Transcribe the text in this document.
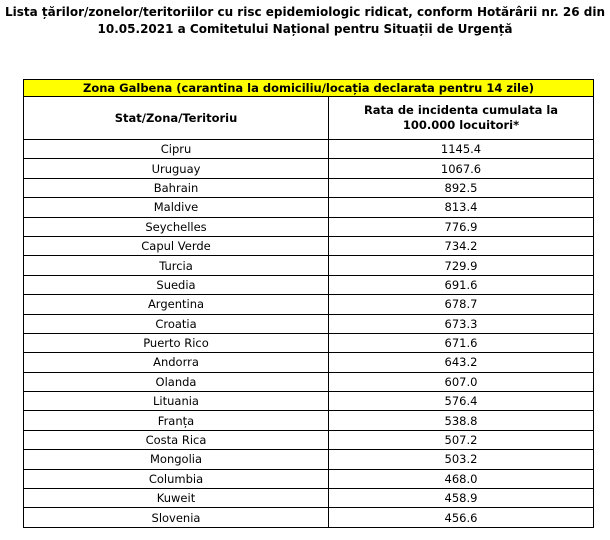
Lista țărilor/zonelor/teritoriilor cu risc epidemiologic ridicat, conform Hotărârii nr. 26 din
10.05.2021 a Comitetului Național pentru Situații de Urgență
Zona Galbena (carantina la domiciliu/locația declarata pentru 14 zile)	
Stat/Zona/Teritoriu	Rata de incidenta cumulata la
100.000 locuitori*

Cipru	1145.4
Uruguay	1067.6
Bahrain	892.5
Maldive	813.4
Seychelles	776.9
Capul Verde	734.2
Turcia	729.9
Suedia	691.6
Argentina	678.7
Croatia	673.3
Puerto Rico	671.6
Andorra	643.2
Olanda	607.0
Lituania	576.4
Franța	538.8
Costa Rica	507.2
Mongolia	503.2
Columbia	468.0
Kuweit	458.9
Slovenia	456.6
